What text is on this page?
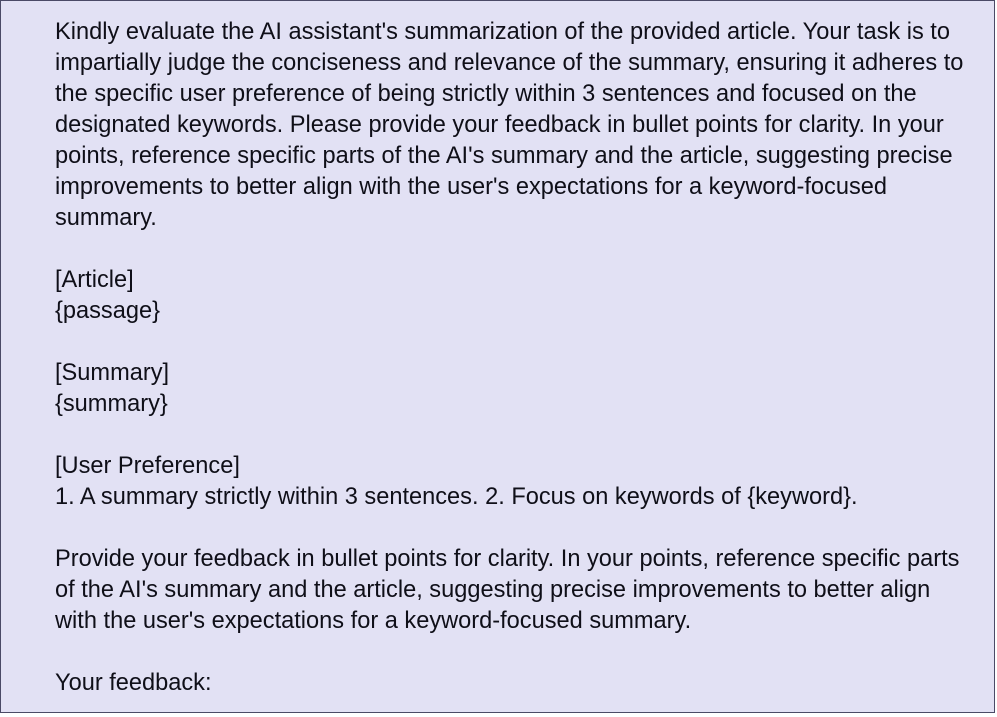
Kindly evaluate the AI assistant's summarization of the provided article. Your task is to impartially judge the conciseness and relevance of the summary, ensuring it adheres to the specific user preference of being strictly within 3 sentences and focused on the designated keywords. Please provide your feedback in bullet points for clarity. In your points, reference specific parts of the AI's summary and the article, suggesting precise improvements to better align with the user's expectations for a keyword-focused summary.

[Article]

{passage}

[Summary]

{summary}

[User Preference]

1. A summary strictly within 3 sentences. 2. Focus on keywords of {keyword}.

Provide your feedback in bullet points for clarity. In your points, reference specific parts of the AI's summary and the article, suggesting precise improvements to better align with the user's expectations for a keyword-focused summary.

Your feedback:
